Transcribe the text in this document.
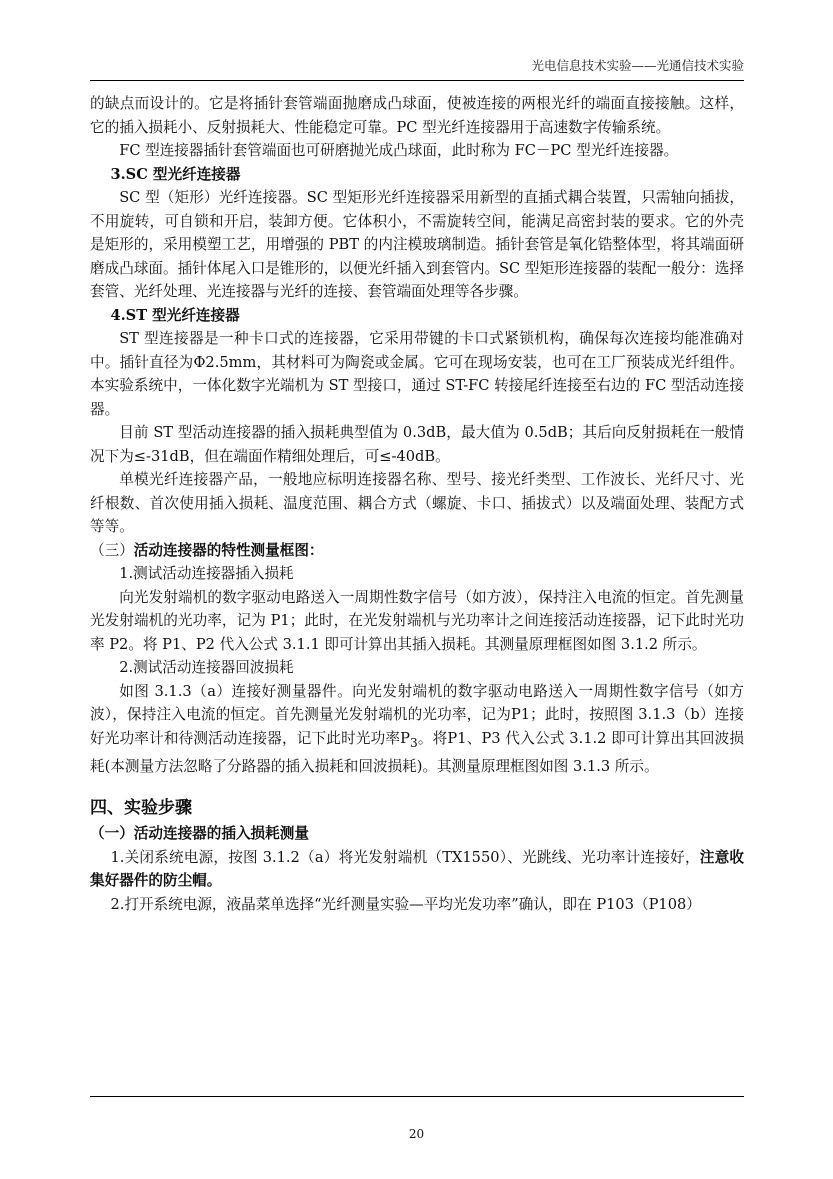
光电信息技术实验——光通信技术实验

的缺点而设计的。它是将插针套管端面抛磨成凸球面，使被连接的两根光纤的端面直接接触。这样，它的插入损耗小、反射损耗大、性能稳定可靠。PC 型光纤连接器用于高速数字传输系统。

FC 型连接器插针套管端面也可研磨抛光成凸球面，此时称为 FC－PC 型光纤连接器。

3.SC 型光纤连接器

SC 型（矩形）光纤连接器。SC 型矩形光纤连接器采用新型的直插式耦合装置，只需轴向插拔，不用旋转，可自锁和开启，装卸方便。它体积小，不需旋转空间，能满足高密封装的要求。它的外壳是矩形的，采用模塑工艺，用增强的 PBT 的内注模玻璃制造。插针套管是氧化锆整体型，将其端面研磨成凸球面。插针体尾入口是锥形的，以便光纤插入到套管内。SC 型矩形连接器的装配一般分：选择套管、光纤处理、光连接器与光纤的连接、套管端面处理等各步骤。

4.ST 型光纤连接器

ST 型连接器是一种卡口式的连接器，它采用带键的卡口式紧锁机构，确保每次连接均能准确对中。插针直径为Φ2.5mm，其材料可为陶瓷或金属。它可在现场安装，也可在工厂预装成光纤组件。本实验系统中，一体化数字光端机为 ST 型接口，通过 ST-FC 转接尾纤连接至右边的 FC 型活动连接器。

目前 ST 型活动连接器的插入损耗典型值为 0.3dB，最大值为 0.5dB；其后向反射损耗在一般情况下为≤-31dB，但在端面作精细处理后，可≤-40dB。

单模光纤连接器产品，一般地应标明连接器名称、型号、接光纤类型、工作波长、光纤尺寸、光纤根数、首次使用插入损耗、温度范围、耦合方式（螺旋、卡口、插拔式）以及端面处理、装配方式等等。

（三）活动连接器的特性测量框图：

1.测试活动连接器插入损耗

向光发射端机的数字驱动电路送入一周期性数字信号（如方波），保持注入电流的恒定。首先测量光发射端机的光功率，记为 P1；此时，在光发射端机与光功率计之间连接活动连接器，记下此时光功率 P2。将 P1、P2 代入公式 3.1.1 即可计算出其插入损耗。其测量原理框图如图 3.1.2 所示。

2.测试活动连接器回波损耗

如图 3.1.3（a）连接好测量器件。向光发射端机的数字驱动电路送入一周期性数字信号（如方波），保持注入电流的恒定。首先测量光发射端机的光功率，记为P1；此时，按照图 3.1.3（b）连接好光功率计和待测活动连接器，记下此时光功率$P_3$。将P1、P3 代入公式 3.1.2 即可计算出其回波损耗(本测量方法忽略了分路器的插入损耗和回波损耗)。其测量原理框图如图 3.1.3 所示。

四、实验步骤

（一）活动连接器的插入损耗测量

1.关闭系统电源，按图 3.1.2（a）将光发射端机（TX1550）、光跳线、光功率计连接好，注意收集好器件的防尘帽。

2.打开系统电源，液晶菜单选择“光纤测量实验—平均光发功率”确认，即在 P103（P108）

20
